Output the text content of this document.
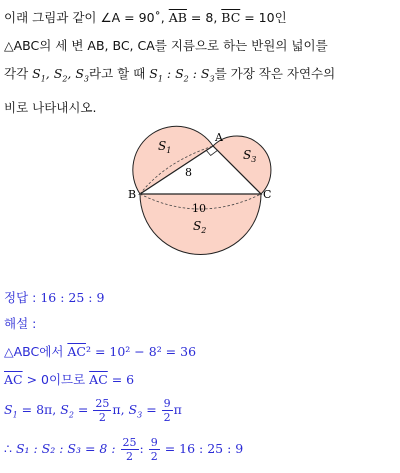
이래 그림과 같이 ∠A = 90˚, $\overline{AB} = 8$, $\overline{BC} = 10$인

△ABC의 세 변 AB, BC, CA를 지름으로 하는 반원의 넓이를

각각 $S_1$, $S_2$, $S_3$라고 할 때 $S_1$ : $S_2$ : $S_3$를 가장 작은 자연수의

비로 나타내시오.

A
B	C
8
10
$S_1$	$S_3$
$S_2$
정답 : 16 : 25 : 9
해설 :
△ABC에서 $\overline{AC}^2 = 10^2 - 8^2 = 36$
$\overline{AC} > 0$이므로 $\overline{AC} = 6$
$S_1 = 8\pi$, $S_2 = \frac{25}{2} \pi$, $S_3 = \frac{9}{2}$ π
∴ S₁ : S₂ : S₃ = 8 : $\frac{25}{2}$ : $\frac{9}{2} = 16$ : 25 : 9
